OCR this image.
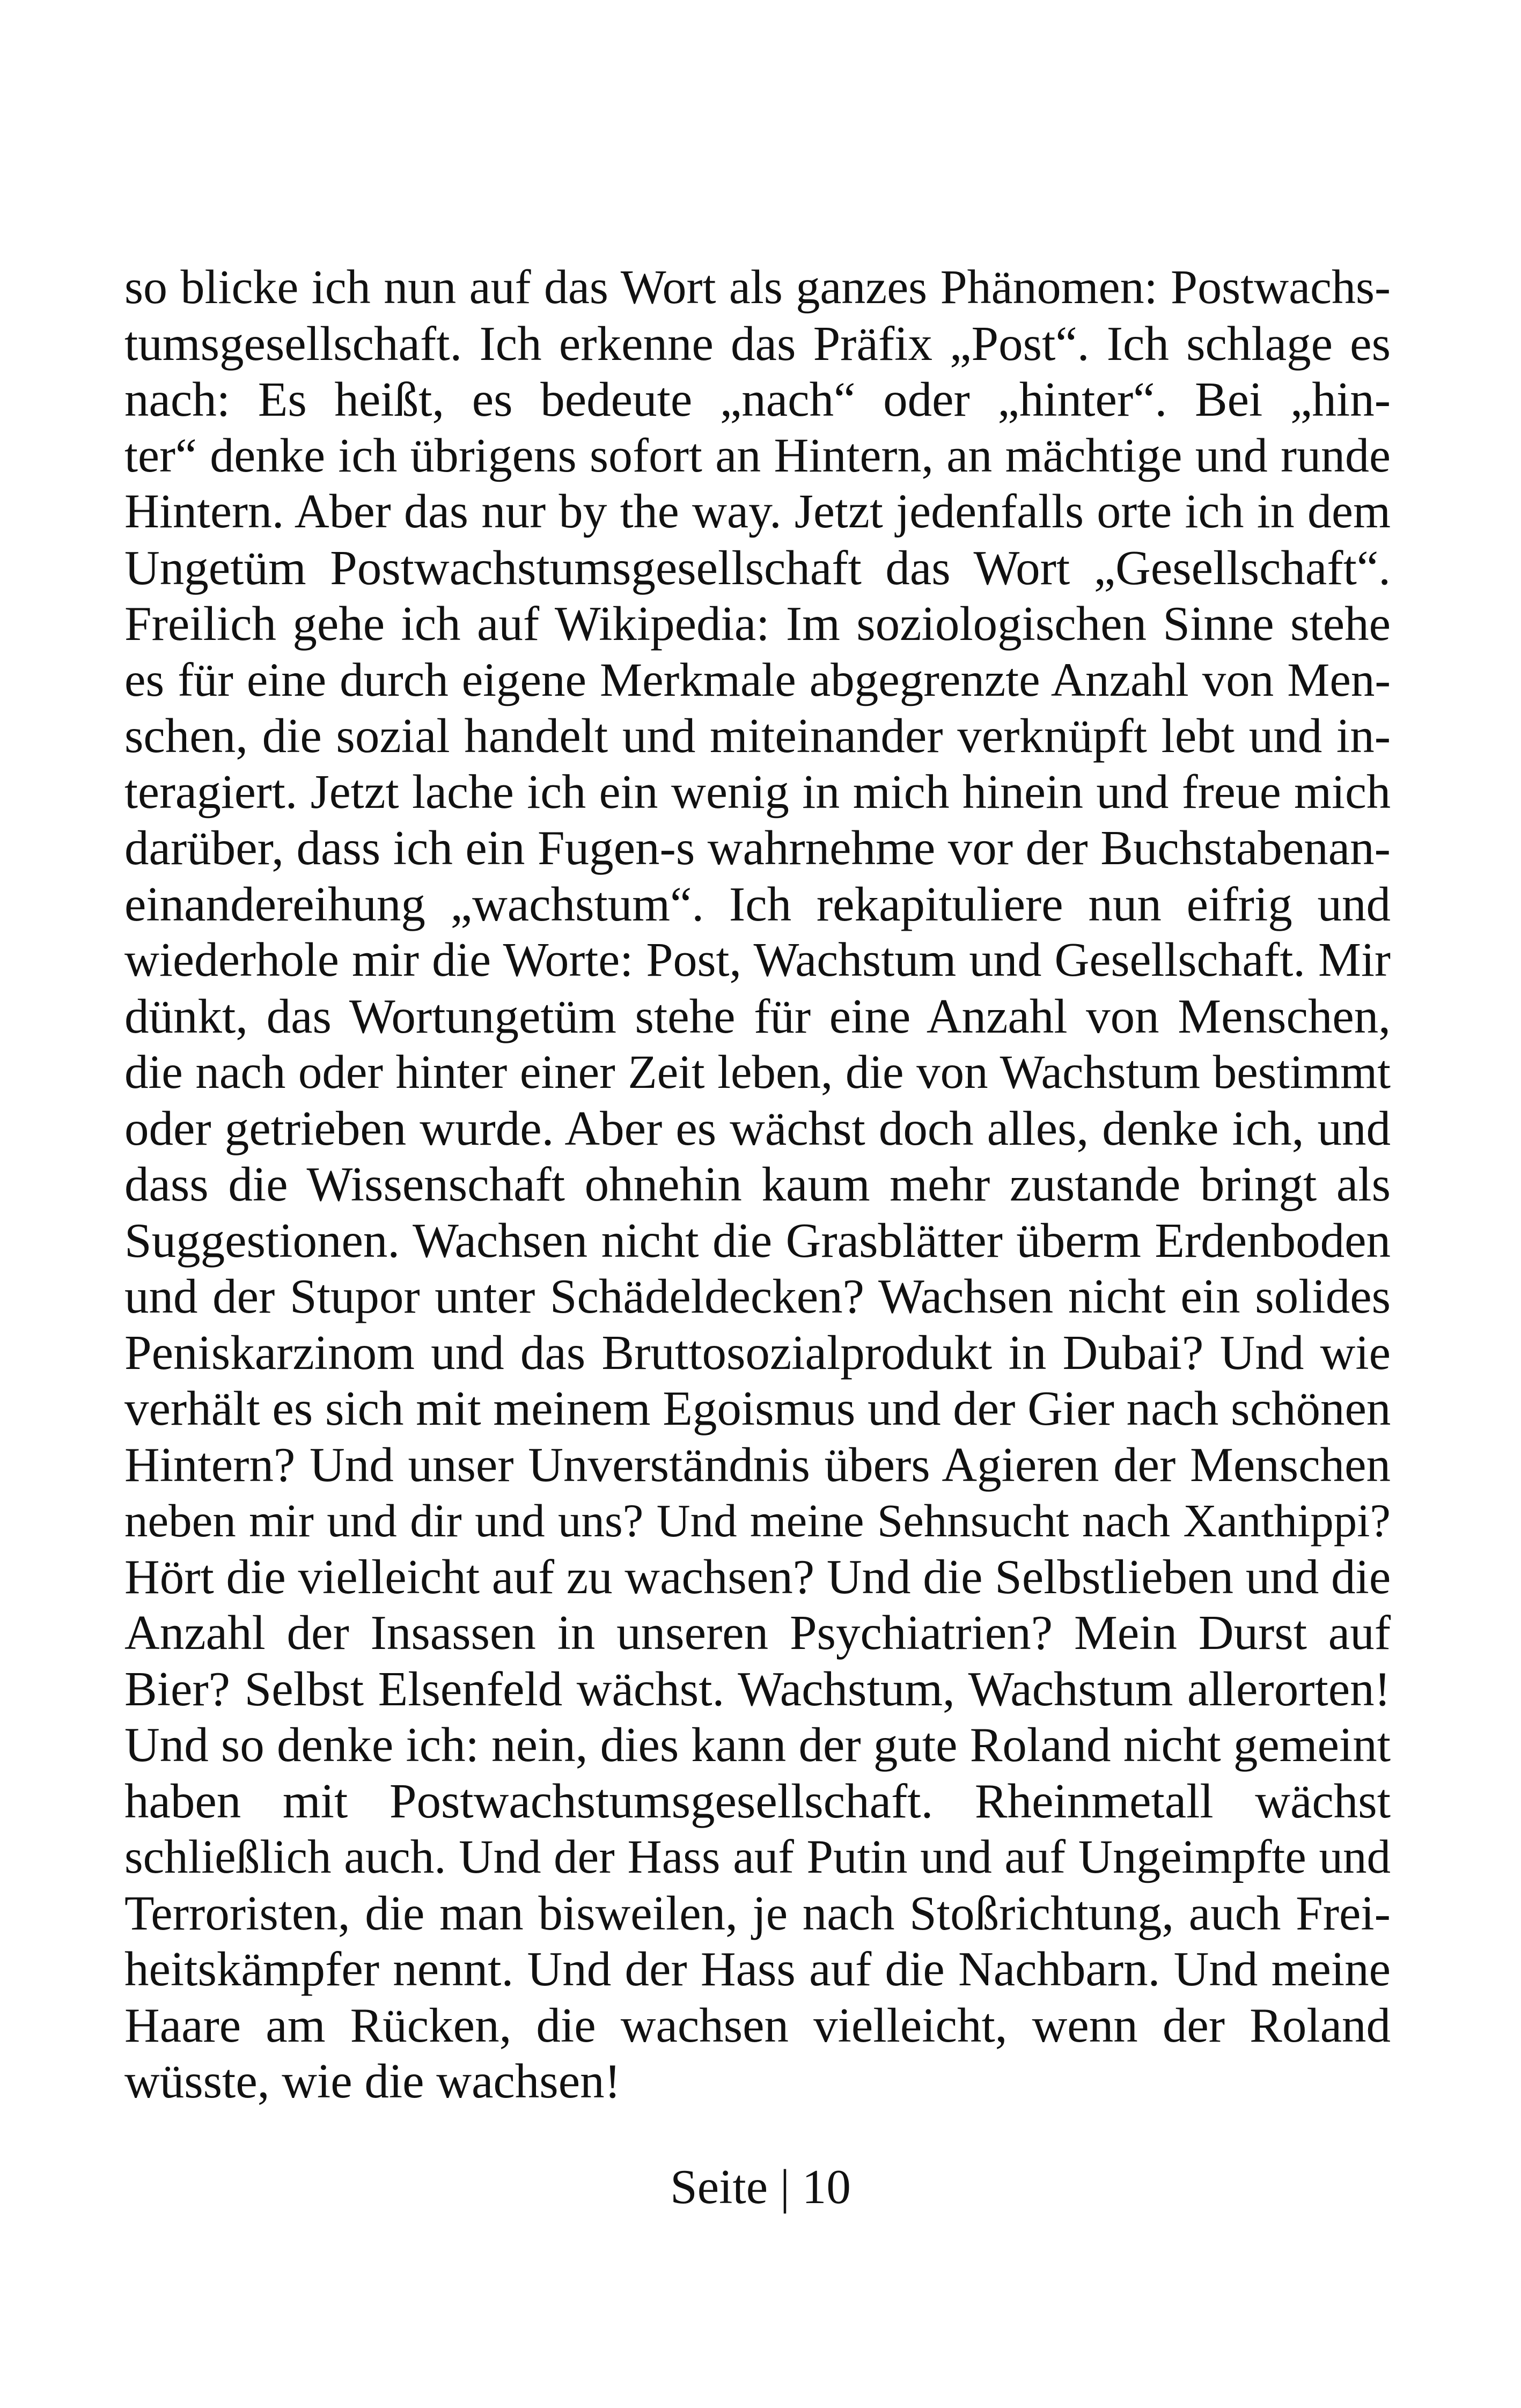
so blicke ich nun auf das Wort als ganzes Phänomen: Postwachs-
tumsgesellschaft. Ich erkenne das Präfix „Post“. Ich schlage es
nach: Es heißt, es bedeute „nach“ oder „hinter“. Bei „hin-
ter“ denke ich übrigens sofort an Hintern, an mächtige und runde
Hintern. Aber das nur by the way. Jetzt jedenfalls orte ich in dem
Ungetüm Postwachstumsgesellschaft das Wort „Gesellschaft“.
Freilich gehe ich auf Wikipedia: Im soziologischen Sinne stehe
es für eine durch eigene Merkmale abgegrenzte Anzahl von Men-
schen, die sozial handelt und miteinander verknüpft lebt und in-
teragiert. Jetzt lache ich ein wenig in mich hinein und freue mich
darüber, dass ich ein Fugen-s wahrnehme vor der Buchstabenan-
einandereihung „wachstum“. Ich rekapituliere nun eifrig und
wiederhole mir die Worte: Post, Wachstum und Gesellschaft. Mir
dünkt, das Wortungetüm stehe für eine Anzahl von Menschen,
die nach oder hinter einer Zeit leben, die von Wachstum bestimmt
oder getrieben wurde. Aber es wächst doch alles, denke ich, und
dass die Wissenschaft ohnehin kaum mehr zustande bringt als
Suggestionen. Wachsen nicht die Grasblätter überm Erdenboden
und der Stupor unter Schädeldecken? Wachsen nicht ein solides
Peniskarzinom und das Bruttosozialprodukt in Dubai? Und wie
verhält es sich mit meinem Egoismus und der Gier nach schönen
Hintern? Und unser Unverständnis übers Agieren der Menschen
neben mir und dir und uns? Und meine Sehnsucht nach Xanthippi?
Hört die vielleicht auf zu wachsen? Und die Selbstlieben und die
Anzahl der Insassen in unseren Psychiatrien? Mein Durst auf
Bier? Selbst Elsenfeld wächst. Wachstum, Wachstum allerorten!
Und so denke ich: nein, dies kann der gute Roland nicht gemeint
haben mit Postwachstumsgesellschaft. Rheinmetall wächst
schließlich auch. Und der Hass auf Putin und auf Ungeimpfte und
Terroristen, die man bisweilen, je nach Stoßrichtung, auch Frei-
heitskämpfer nennt. Und der Hass auf die Nachbarn. Und meine
Haare am Rücken, die wachsen vielleicht, wenn der Roland
wüsste, wie die wachsen!
Seite | 10
